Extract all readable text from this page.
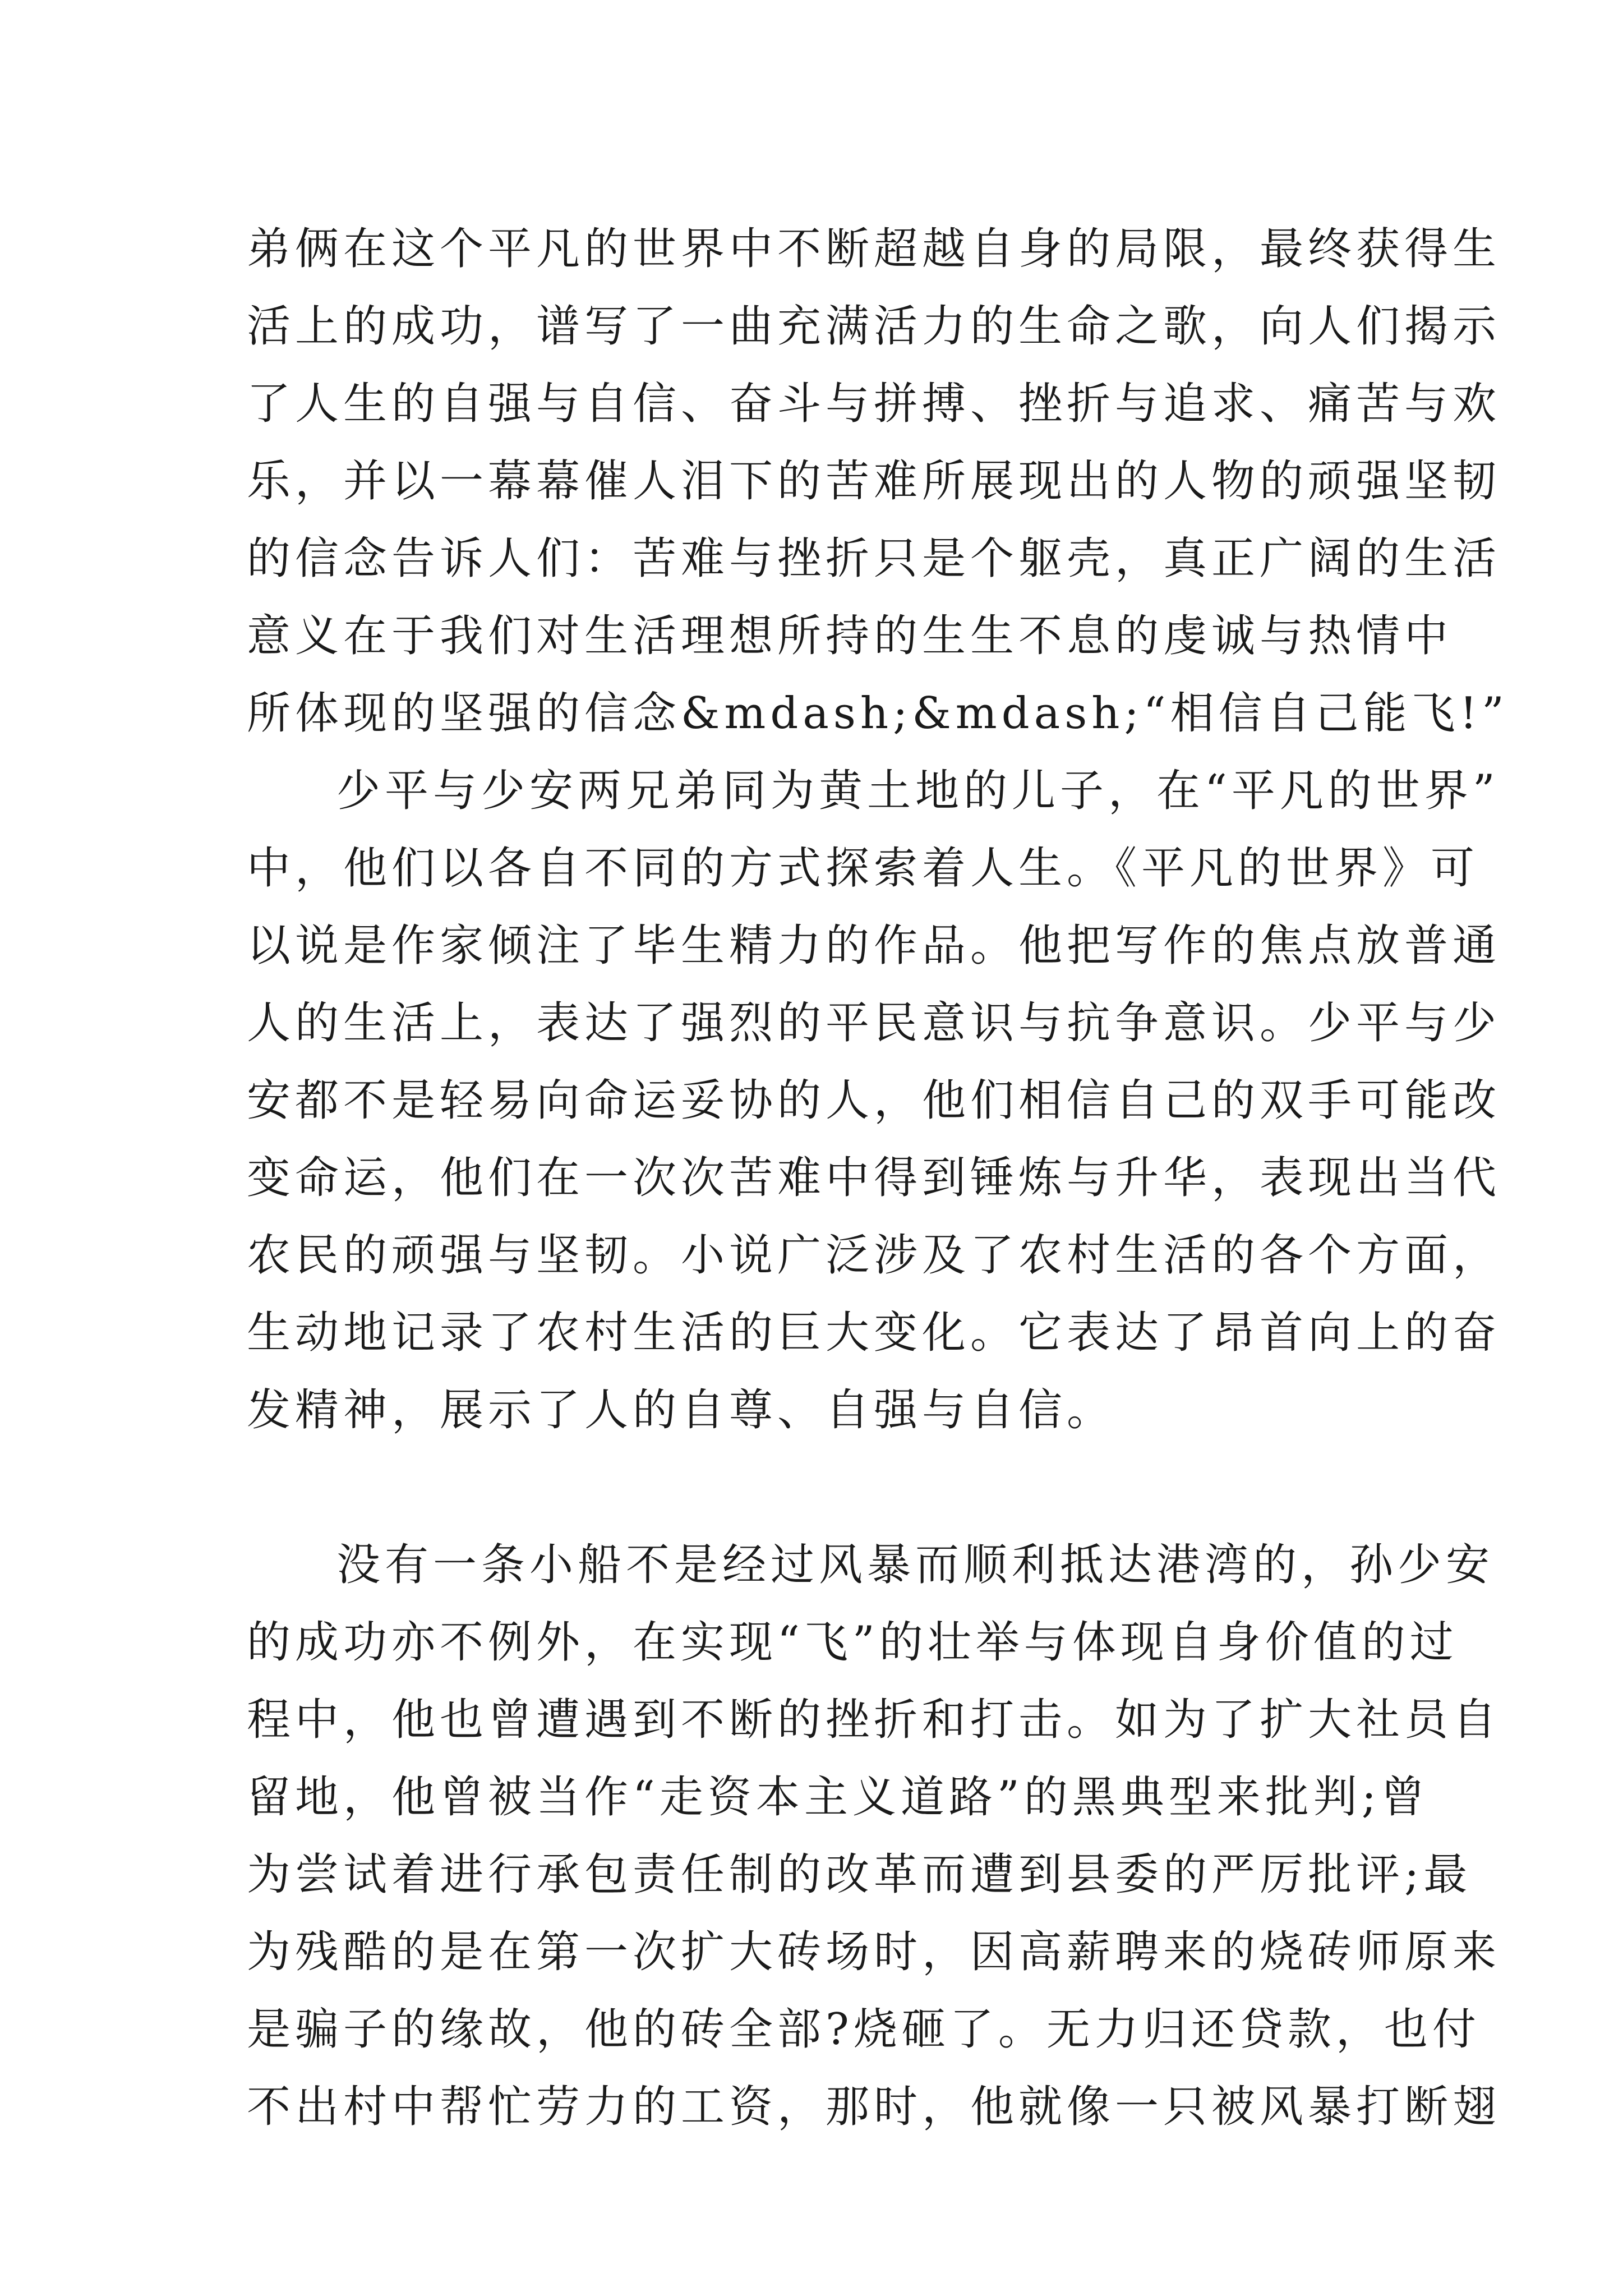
弟俩在这个平凡的世界中不断超越自身的局限，最终获得生

活上的成功，谱写了一曲充满活力的生命之歌，向人们揭示

了人生的自强与自信、奋斗与拼搏、挫折与追求、痛苦与欢

乐，并以一幕幕催人泪下的苦难所展现出的人物的顽强坚韧

的信念告诉人们：苦难与挫折只是个躯壳，真正广阔的生活

意义在于我们对生活理想所持的生生不息的虔诚与热情中

所体现的坚强的信念&mdash;&mdash;“相信自己能飞!”

少平与少安两兄弟同为黄土地的儿子，在“平凡的世界”

中，他们以各自不同的方式探索着人生。《平凡的世界》可

以说是作家倾注了毕生精力的作品。他把写作的焦点放普通

人的生活上，表达了强烈的平民意识与抗争意识。少平与少

安都不是轻易向命运妥协的人，他们相信自己的双手可能改

变命运，他们在一次次苦难中得到锤炼与升华，表现出当代

农民的顽强与坚韧。小说广泛涉及了农村生活的各个方面，

生动地记录了农村生活的巨大变化。它表达了昂首向上的奋

发精神，展示了人的自尊、自强与自信。

没有一条小船不是经过风暴而顺利抵达港湾的，孙少安

的成功亦不例外，在实现“飞”的壮举与体现自身价值的过

程中，他也曾遭遇到不断的挫折和打击。如为了扩大社员自

留地，他曾被当作“走资本主义道路”的黑典型来批判;曾

为尝试着进行承包责任制的改革而遭到县委的严厉批评;最

为残酷的是在第一次扩大砖场时，因高薪聘来的烧砖师原来

是骗子的缘故，他的砖全部?烧砸了。无力归还贷款，也付

不出村中帮忙劳力的工资，那时，他就像一只被风暴打断翅
